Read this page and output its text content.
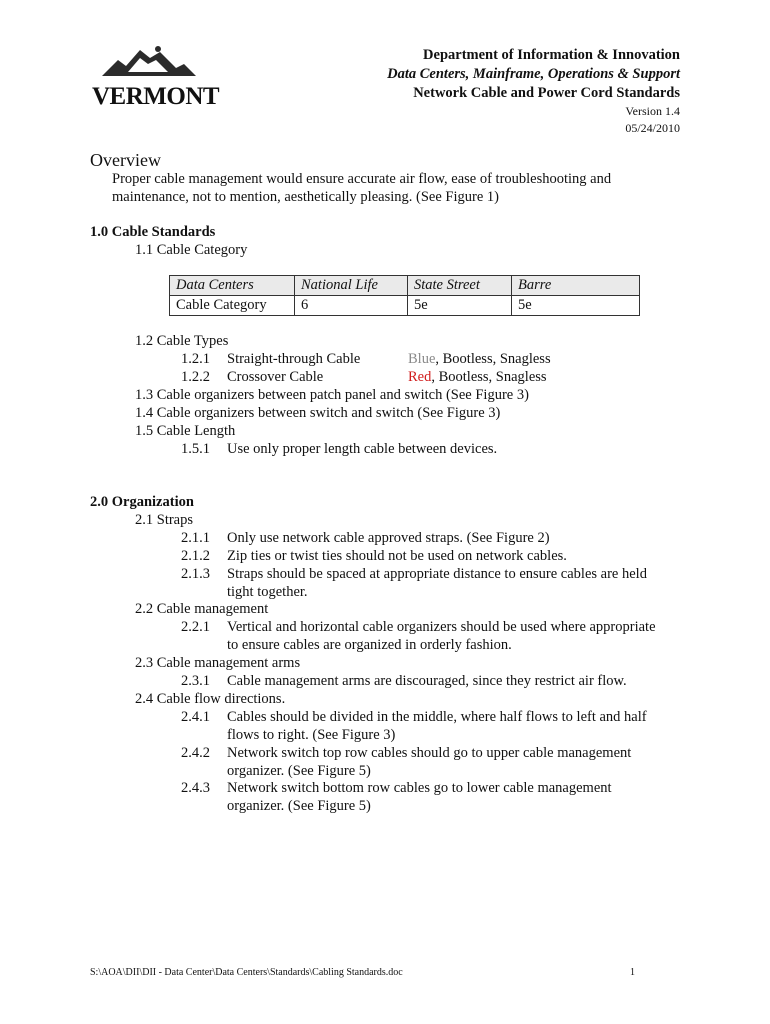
VERMONT
Department of Information & Innovation
Data Centers, Mainframe, Operations & Support
Network Cable and Power Cord Standards
Version 1.4
05/24/2010
Overview
Proper cable management would ensure accurate air flow, ease of troubleshooting and
maintenance, not to mention, aesthetically pleasing. (See Figure 1)
1.0 Cable Standards
1.1 Cable Category
Data Centers	National Life	State Street	Barre
Cable Category	6	5e	5e
1.2 Cable Types
1.2.1 Straight-through Cable	Blue, Bootless, Snagless
1.2.2 Crossover Cable	Red, Bootless, Snagless
1.3 Cable organizers between patch panel and switch (See Figure 3)
1.4 Cable organizers between switch and switch (See Figure 3)
1.5 Cable Length
1.5.1 Use only proper length cable between devices.
2.0 Organization
2.1 Straps
2.1.1 Only use network cable approved straps. (See Figure 2)
2.1.2 Zip ties or twist ties should not be used on network cables.
2.1.3 Straps should be spaced at appropriate distance to ensure cables are held
tight together.
2.2 Cable management
2.2.1 Vertical and horizontal cable organizers should be used where appropriate
to ensure cables are organized in orderly fashion.
2.3 Cable management arms
2.3.1 Cable management arms are discouraged, since they restrict air flow.
2.4 Cable flow directions.
2.4.1 Cables should be divided in the middle, where half flows to left and half
flows to right. (See Figure 3)
2.4.2 Network switch top row cables should go to upper cable management
organizer. (See Figure 5)
2.4.3 Network switch bottom row cables go to lower cable management
organizer. (See Figure 5)
S:\AOA\DII\DII - Data Center\Data Centers\Standards\Cabling Standards.doc	1
